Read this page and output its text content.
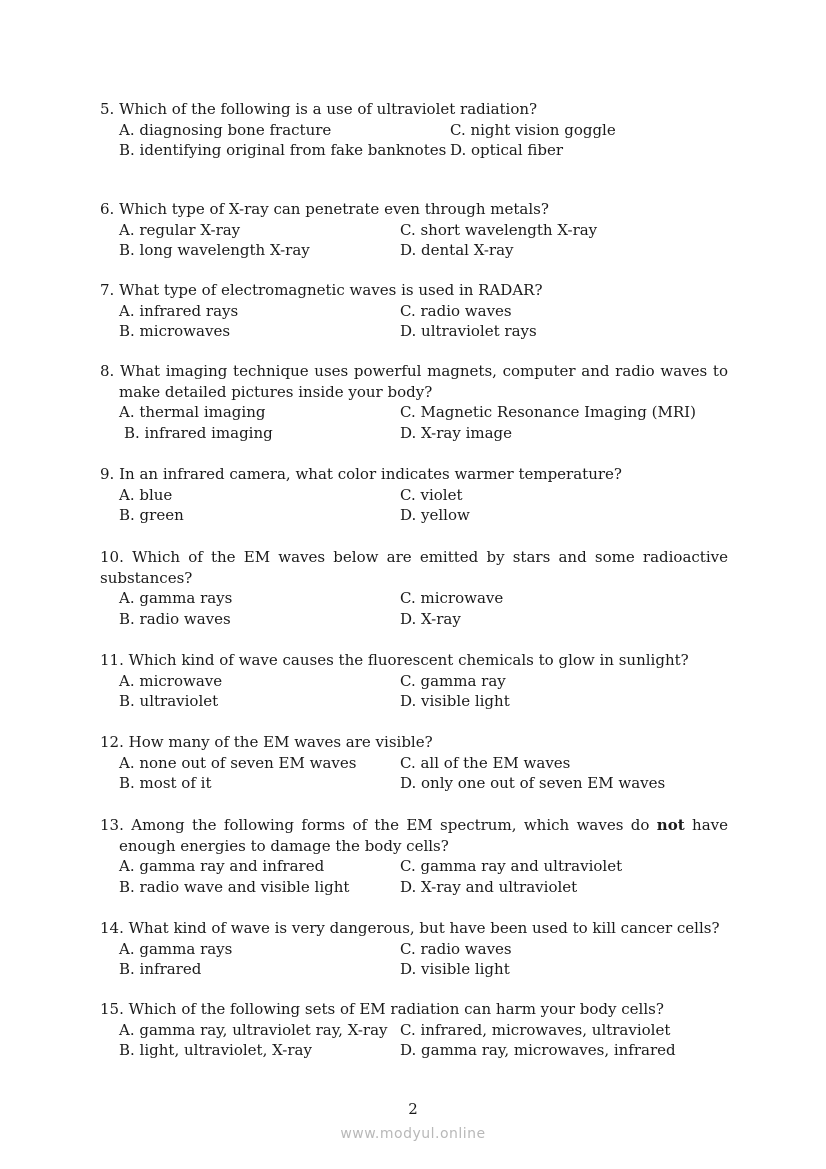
5. Which of the following is a use of ultraviolet radiation?

A. diagnosing bone fracture
B. identifying original from fake banknotes
C. night vision goggle
D. optical fiber

6. Which type of X-ray can penetrate even through metals?

A. regular X-ray
B. long wavelength X-ray
C. short wavelength X-ray
D. dental X-ray

7. What type of electromagnetic waves is used in RADAR?

A. infrared rays
B. microwaves
C. radio waves
D. ultraviolet rays

8. What imaging technique uses powerful magnets, computer and radio waves to make detailed pictures inside your body?

A. thermal imaging
B. infrared imaging
C. Magnetic Resonance Imaging (MRI)
D. X-ray image

9. In an infrared camera, what color indicates warmer temperature?

A. blue
B. green
C. violet
D. yellow

10. Which of the EM waves below are emitted by stars and some radioactive substances?

A. gamma rays
B. radio waves
C. microwave
D. X-ray

11. Which kind of wave causes the fluorescent chemicals to glow in sunlight?

A. microwave
B. ultraviolet
C. gamma ray
D. visible light

12. How many of the EM waves are visible?

A. none out of seven EM waves
B. most of it
C. all of the EM waves
D. only one out of seven EM waves

13. Among the following forms of the EM spectrum, which waves do not have enough energies to damage the body cells?

A. gamma ray and infrared
B. radio wave and visible light
C. gamma ray and ultraviolet
D. X-ray and ultraviolet

14. What kind of wave is very dangerous, but have been used to kill cancer cells?

A. gamma rays
B. infrared
C. radio waves
D. visible light

15. Which of the following sets of EM radiation can harm your body cells?

A. gamma ray, ultraviolet ray, X-ray
B. light, ultraviolet, X-ray
C. infrared, microwaves, ultraviolet
D. gamma ray, microwaves, infrared
2
www.modyul.online
